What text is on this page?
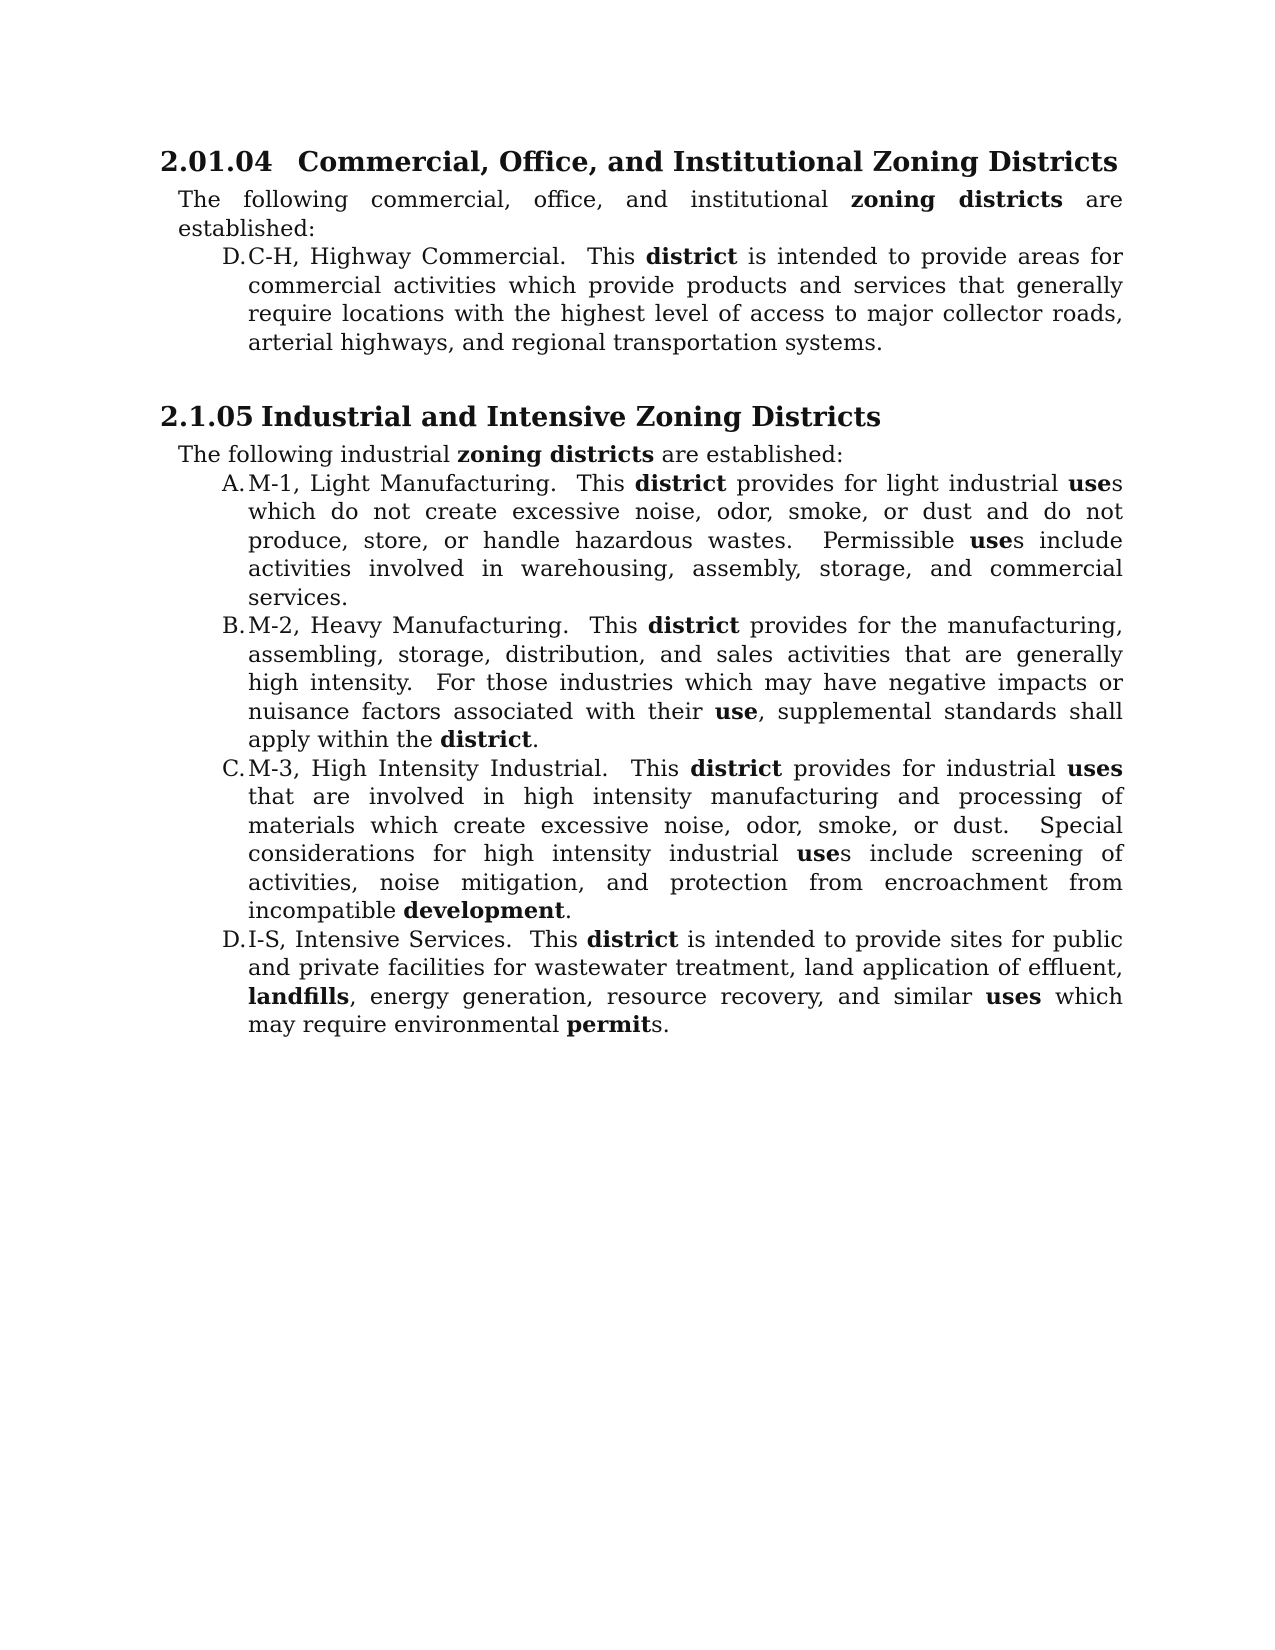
2.01.04 Commercial, Office, and Institutional Zoning Districts

The following commercial, office, and institutional zoning districts are established:

D. C-H, Highway Commercial.  This district is intended to provide areas for commercial activities which provide products and services that generally require locations with the highest level of access to major collector roads, arterial highways, and regional transportation systems.
2.1.05 Industrial and Intensive Zoning Districts

The following industrial zoning districts are established:

A. M-1, Light Manufacturing.  This district provides for light industrial uses which do not create excessive noise, odor, smoke, or dust and do not produce, store, or handle hazardous wastes.  Permissible uses include activities involved in warehousing, assembly, storage, and commercial services.
B. M-2, Heavy Manufacturing.  This district provides for the manufacturing, assembling, storage, distribution, and sales activities that are generally high intensity.  For those industries which may have negative impacts or nuisance factors associated with their use, supplemental standards shall apply within the district.
C. M-3, High Intensity Industrial.  This district provides for industrial uses that are involved in high intensity manufacturing and processing of materials which create excessive noise, odor, smoke, or dust.  Special considerations for high intensity industrial uses include screening of activities, noise mitigation, and protection from encroachment from incompatible development.
D. I-S, Intensive Services.  This district is intended to provide sites for public and private facilities for wastewater treatment, land application of effluent, landfills, energy generation, resource recovery, and similar uses which may require environmental permits.
